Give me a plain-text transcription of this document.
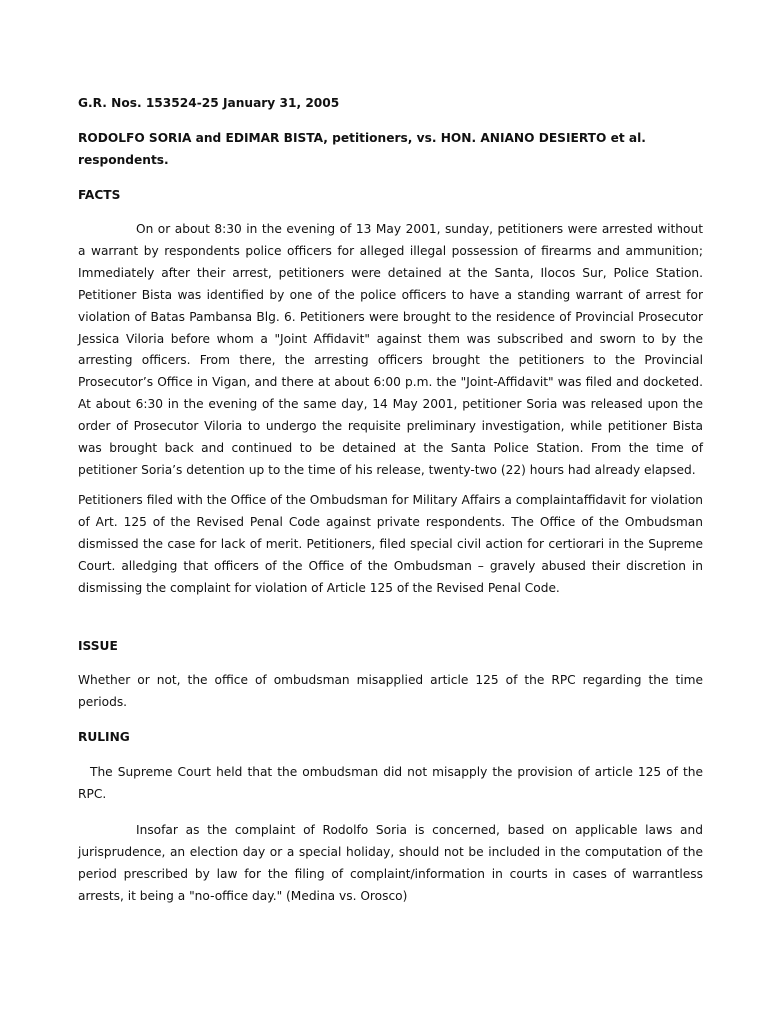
G.R. Nos. 153524-25 January 31, 2005
RODOLFO SORIA and EDIMAR BISTA, petitioners, vs. HON. ANIANO DESIERTO et al. respondents.
FACTS

On or about 8:30 in the evening of 13 May 2001, sunday, petitioners were arrested without a warrant by respondents police officers for alleged illegal possession of firearms and ammunition; Immediately after their arrest, petitioners were detained at the Santa, Ilocos Sur, Police Station. Petitioner Bista was identified by one of the police officers to have a standing warrant of arrest for violation of Batas Pambansa Blg. 6. Petitioners were brought to the residence of Provincial Prosecutor Jessica Viloria before whom a "Joint Affidavit" against them was subscribed and sworn to by the arresting officers. From there, the arresting officers brought the petitioners to the Provincial Prosecutor’s Office in Vigan, and there at about 6:00 p.m. the "Joint-Affidavit" was filed and docketed. At about 6:30 in the evening of the same day, 14 May 2001, petitioner Soria was released upon the order of Prosecutor Viloria to undergo the requisite preliminary investigation, while petitioner Bista was brought back and continued to be detained at the Santa Police Station. From the time of petitioner Soria’s detention up to the time of his release, twenty-two (22) hours had already elapsed.

Petitioners filed with the Office of the Ombudsman for Military Affairs a complaintaffidavit for violation of Art. 125 of the Revised Penal Code against private respondents. The Office of the Ombudsman dismissed the case for lack of merit. Petitioners, filed special civil action for certiorari in the Supreme Court. alledging that officers of the Office of the Ombudsman – gravely abused their discretion in dismissing the complaint for violation of Article 125 of the Revised Penal Code.

ISSUE

Whether or not, the office of ombudsman misapplied article 125 of the RPC regarding the time periods.

RULING

The Supreme Court held that the ombudsman did not misapply the provision of article 125 of the RPC.

Insofar as the complaint of Rodolfo Soria is concerned, based on applicable laws and jurisprudence, an election day or a special holiday, should not be included in the computation of the period prescribed by law for the filing of complaint/information in courts in cases of warrantless arrests, it being a "no-office day." (Medina vs. Orosco)
